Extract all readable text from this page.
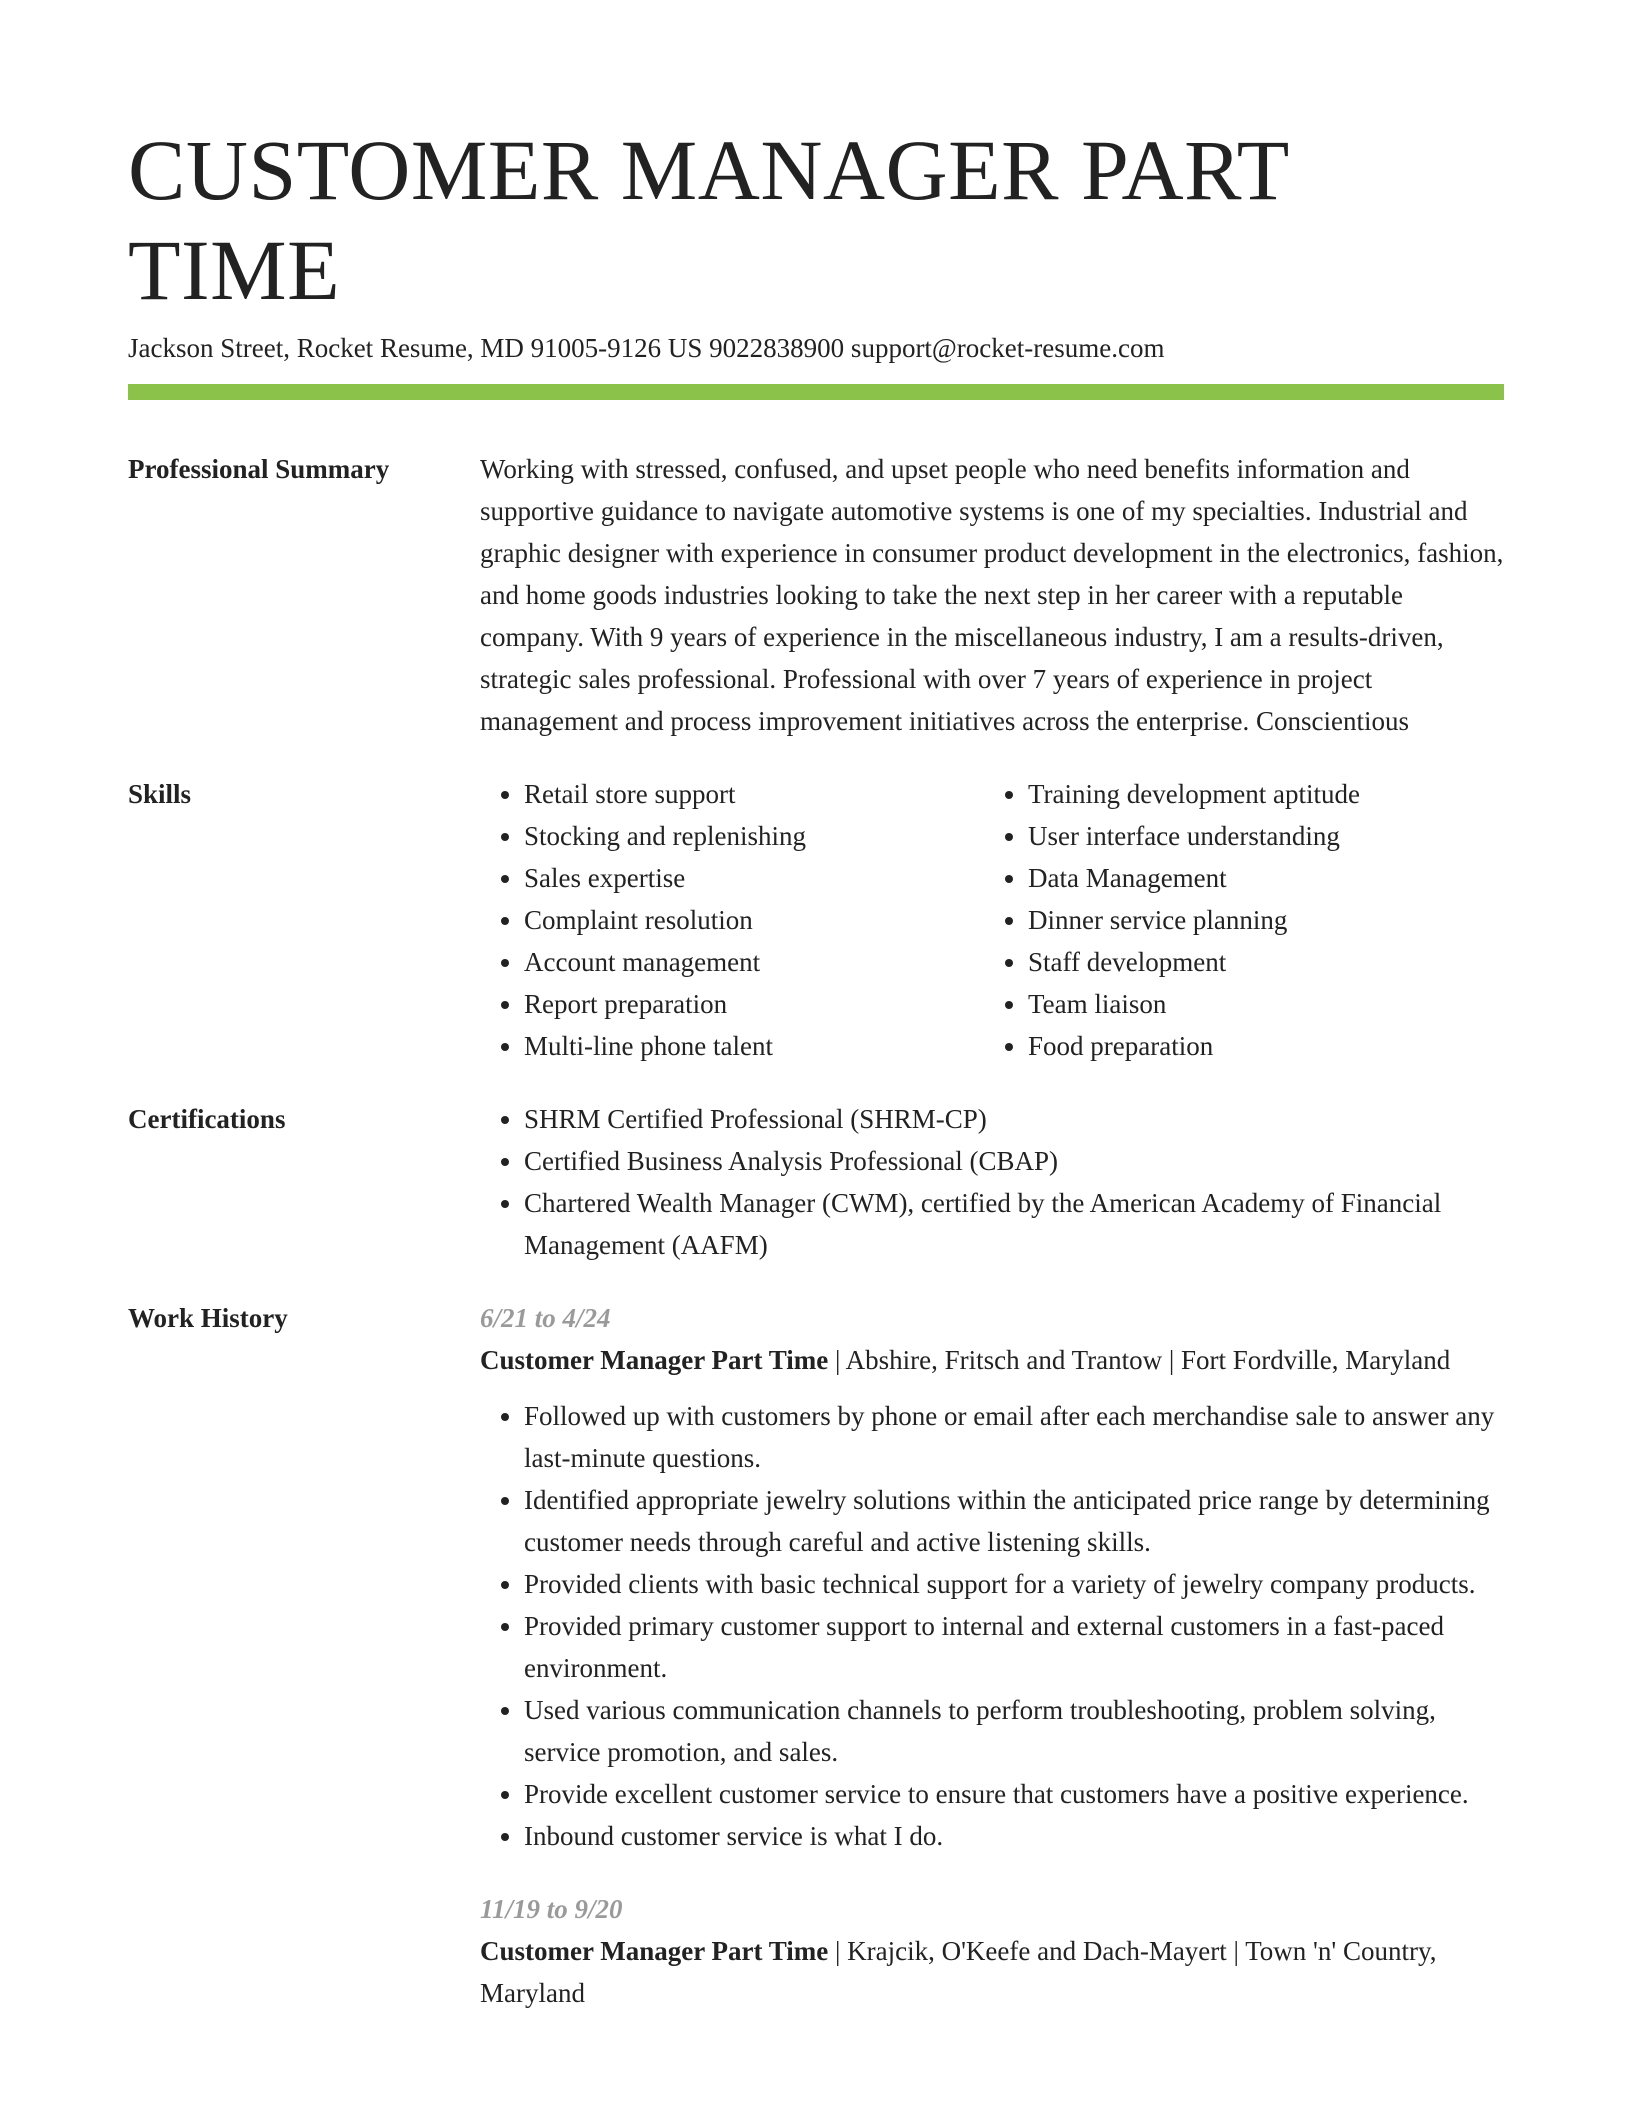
CUSTOMER MANAGER PART TIME
Jackson Street, Rocket Resume, MD 91005-9126 US 9022838900 support@rocket-resume.com
Professional Summary	Working with stressed, confused, and upset people who need benefits information and supportive guidance to navigate automotive systems is one of my specialties. Industrial and graphic designer with experience in consumer product development in the electronics, fashion, and home goods industries looking to take the next step in her career with a reputable company. With 9 years of experience in the miscellaneous industry, I am a results-driven, strategic sales professional. Professional with over 7 years of experience in project management and process improvement initiatives across the enterprise. Conscientious
Skills	• Retail store support
• Stocking and replenishing
• Sales expertise
• Complaint resolution
• Account management
• Report preparation
• Multi-line phone talent
• Training development aptitude
• User interface understanding
• Data Management
• Dinner service planning
• Staff development
• Team liaison
• Food preparation
Certifications	• SHRM Certified Professional (SHRM-CP)
• Certified Business Analysis Professional (CBAP)
• Chartered Wealth Manager (CWM), certified by the American Academy of Financial Management (AAFM)
Work History	6/21 to 4/24
Customer Manager Part Time | Abshire, Fritsch and Trantow | Fort Fordville, Maryland
• Followed up with customers by phone or email after each merchandise sale to answer any last-minute questions.
• Identified appropriate jewelry solutions within the anticipated price range by determining customer needs through careful and active listening skills.
• Provided clients with basic technical support for a variety of jewelry company products.
• Provided primary customer support to internal and external customers in a fast-paced environment.
• Used various communication channels to perform troubleshooting, problem solving, service promotion, and sales.
• Provide excellent customer service to ensure that customers have a positive experience.
• Inbound customer service is what I do.
11/19 to 9/20
Customer Manager Part Time | Krajcik, O'Keefe and Dach-Mayert | Town 'n' Country, Maryland
